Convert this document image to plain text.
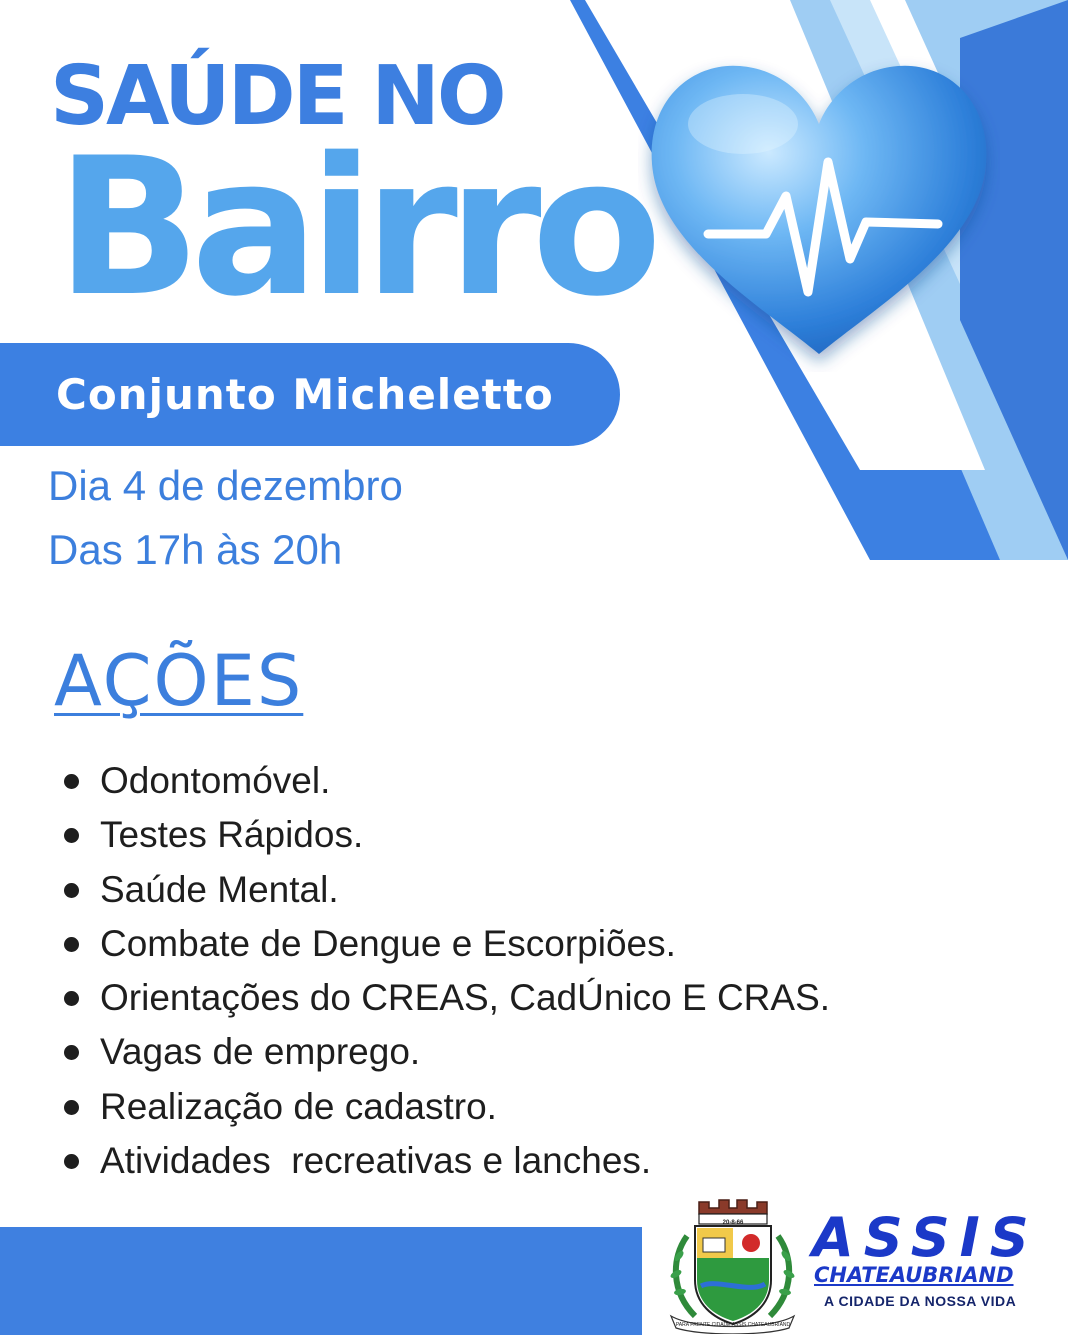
SAÚDE NO
Bairro
Conjunto Micheletto

Dia 4 de dezembro

Das 17h às 20h

AÇÕES
Odontomóvel.
Testes Rápidos.
Saúde Mental.
Combate de Dengue e Escorpiões.
Orientações do CREAS, CadÚnico E CRAS.
Vagas de emprego.
Realização de cadastro.
Atividades  recreativas e lanches.
20-8-66
PARA FRENTE CIDADE ASSIS CHATEAUBRIAND

ASSIS

CHATEAUBRIAND
A CIDADE DA NOSSA VIDA
